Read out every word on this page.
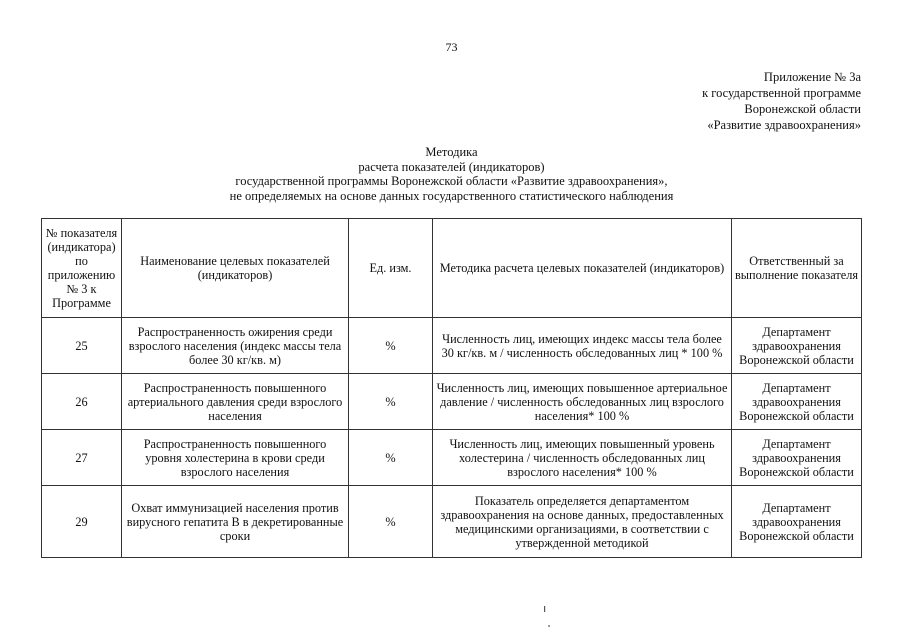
73
Приложение № 3а
к государственной программе
Воронежской области
«Развитие здравоохранения»
Методика
расчета показателей (индикаторов)
государственной программы Воронежской области «Развитие здравоохранения»,
не определяемых на основе данных государственного статистического наблюдения
№ показателя (индикатора) по приложению № 3 к Программе	Наименование целевых показателей (индикаторов)	Ед. изм.	Методика расчета целевых показателей (индикаторов)	Ответственный за выполнение показателя
25	Распространенность ожирения среди взрослого населения (индекс массы тела более 30 кг/кв. м)	%	Численность лиц, имеющих индекс массы тела более 30 кг/кв. м / численность обследованных лиц * 100 %	Департамент здравоохранения Воронежской области
26	Распространенность повышенного артериального давления среди взрослого населения	%	Численность лиц, имеющих повышенное артериальное давление / численность обследованных лиц взрослого населения* 100 %	Департамент здравоохранения Воронежской области
27	Распространенность повышенного уровня холестерина в крови среди взрослого населения	%	Численность лиц, имеющих повышенный уровень холестерина / численность обследованных лиц взрослого населения* 100 %	Департамент здравоохранения Воронежской области
29	Охват иммунизацией населения против вирусного гепатита В в декретированные сроки	%	Показатель определяется департаментом здравоохранения на основе данных, предоставленных медицинскими организациями, в соответствии с утвержденной методикой	Департамент здравоохранения Воронежской области
